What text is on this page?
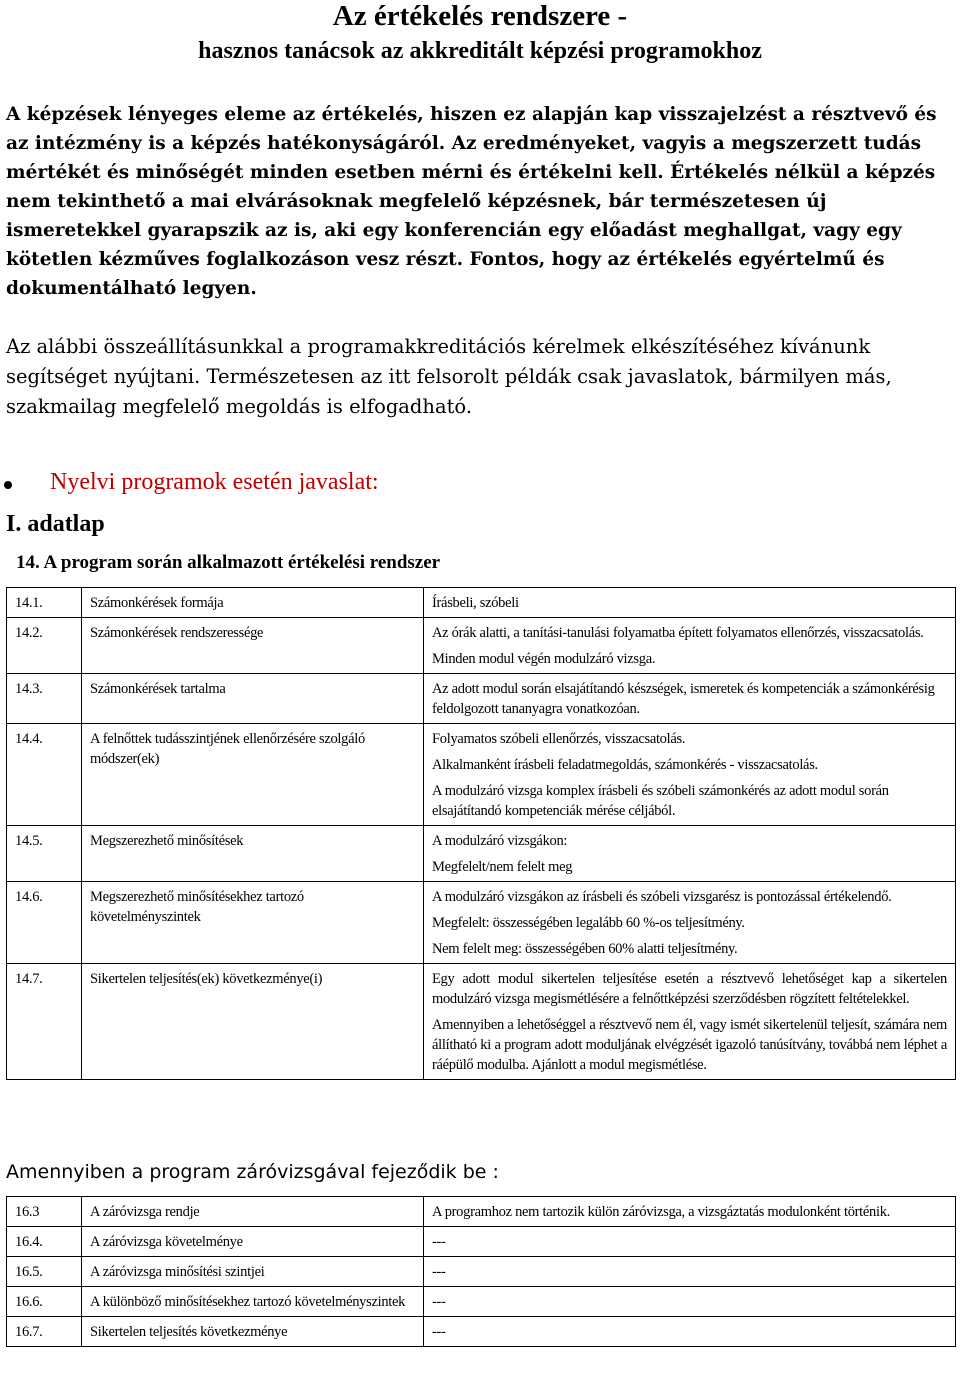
Az értékelés rendszere -
hasznos tanácsok az akkreditált képzési programokhoz

A képzések lényeges eleme az értékelés, hiszen ez alapján kap visszajelzést a résztvevő és az intézmény is a képzés hatékonyságáról. Az eredményeket, vagyis a megszerzett tudás mértékét és minőségét minden esetben mérni és értékelni kell. Értékelés nélkül a képzés nem tekinthető a mai elvárásoknak megfelelő képzésnek, bár természetesen új ismeretekkel gyarapszik az is, aki egy konferencián egy előadást meghallgat, vagy egy kötetlen kézműves foglalkozáson vesz részt. Fontos, hogy az értékelés egyértelmű és dokumentálható legyen.

Az alábbi összeállításunkkal a programakkreditációs kérelmek elkészítéséhez kívánunk segítséget nyújtani. Természetesen az itt felsorolt példák csak javaslatok, bármilyen más, szakmailag megfelelő megoldás is elfogadható.

Nyelvi programok esetén javaslat:

I. adatlap

14. A program során alkalmazott értékelési rendszer

14.1.	Számonkérések formája	Írásbeli, szóbeli

14.2.	Számonkérések rendszeressége	Az órák alatti, a tanítási-tanulási folyamatba épített folyamatos ellenőrzés, visszacsatolás.

Minden modul végén modulzáró vizsga.

14.3.	Számonkérések tartalma	Az adott modul során elsajátítandó készségek, ismeretek és kompetenciák a számonkérésig feldolgozott tananyagra vonatkozóan.

14.4.	A felnőttek tudásszintjének ellenőrzésére szolgáló módszer(ek)	Folyamatos szóbeli ellenőrzés, visszacsatolás.

Alkalmanként írásbeli feladatmegoldás, számonkérés - visszacsatolás.

A modulzáró vizsga komplex írásbeli és szóbeli számonkérés az adott modul során elsajátítandó kompetenciák mérése céljából.

14.5.	Megszerezhető minősítések	A modulzáró vizsgákon:

Megfelelt/nem felelt meg

14.6.	Megszerezhető minősítésekhez tartozó követelményszintek	A modulzáró vizsgákon az írásbeli és szóbeli vizsgarész is pontozással értékelendő.

Megfelelt: összességében legalább 60 %-os teljesítmény.

Nem felelt meg: összességében 60% alatti teljesítmény.

14.7.	Sikertelen teljesítés(ek) következménye(i)	Egy adott modul sikertelen teljesítése esetén a résztvevő lehetőséget kap a sikertelen modulzáró vizsga megismétlésére a felnőttképzési szerződésben rögzített feltételekkel.

Amennyiben a lehetőséggel a résztvevő nem él, vagy ismét sikertelenül teljesít, számára nem állítható ki a program adott moduljának elvégzését igazoló tanúsítvány, továbbá nem léphet a ráépülő modulba. Ajánlott a modul megismétlése.

Amennyiben a program záróvizsgával fejeződik be :

16.3	A záróvizsga rendje	A programhoz nem tartozik külön záróvizsga, a vizsgáztatás modulonként történik.

16.4.	A záróvizsga követelménye	---

16.5.	A záróvizsga minősítési szintjei	---

16.6.	A különböző minősítésekhez tartozó követelményszintek	---

16.7.	Sikertelen teljesítés következménye	---
